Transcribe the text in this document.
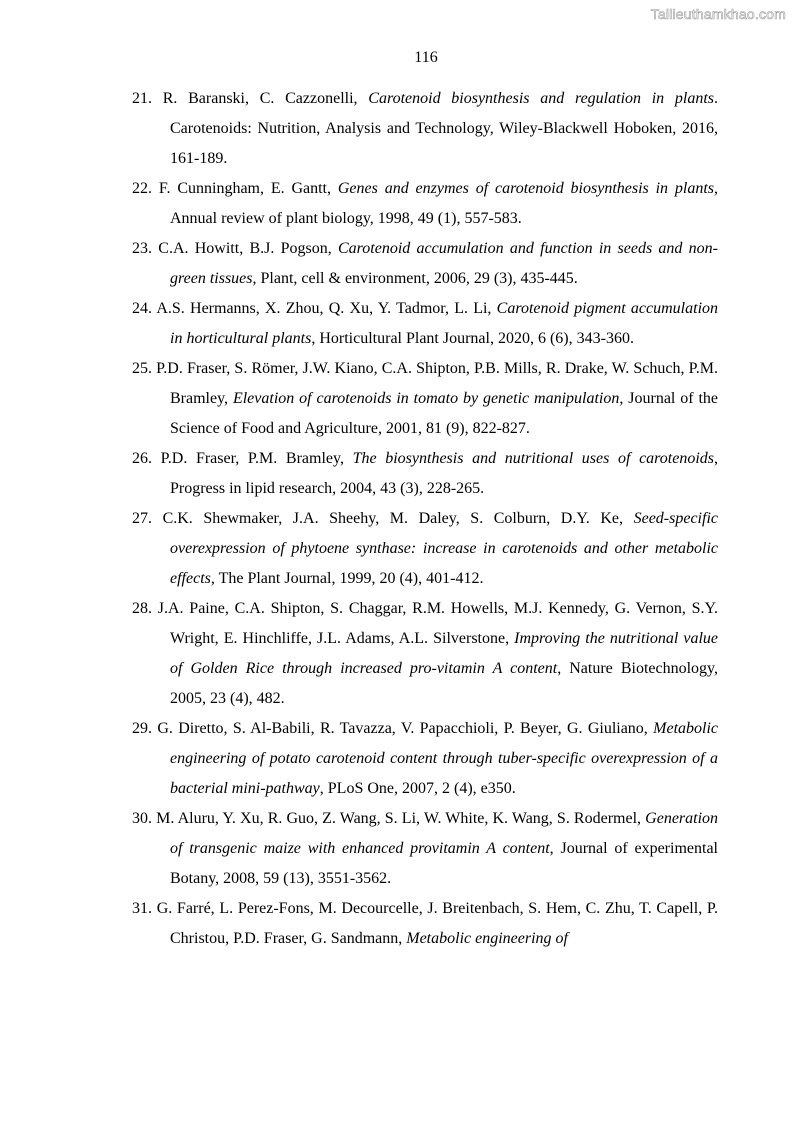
Tailieuthamkhao.com
116
21. R. Baranski, C. Cazzonelli, Carotenoid biosynthesis and regulation in plants. Carotenoids: Nutrition, Analysis and Technology, Wiley-Blackwell Hoboken, 2016, 161-189.
22. F. Cunningham, E. Gantt, Genes and enzymes of carotenoid biosynthesis in plants, Annual review of plant biology, 1998, 49 (1), 557-583.
23. C.A. Howitt, B.J. Pogson, Carotenoid accumulation and function in seeds and non‐green tissues, Plant, cell & environment, 2006, 29 (3), 435-445.
24. A.S. Hermanns, X. Zhou, Q. Xu, Y. Tadmor, L. Li, Carotenoid pigment accumulation in horticultural plants, Horticultural Plant Journal, 2020, 6 (6), 343-360.
25. P.D. Fraser, S. Römer, J.W. Kiano, C.A. Shipton, P.B. Mills, R. Drake, W. Schuch, P.M. Bramley, Elevation of carotenoids in tomato by genetic manipulation, Journal of the Science of Food and Agriculture, 2001, 81 (9), 822-827.
26. P.D. Fraser, P.M. Bramley, The biosynthesis and nutritional uses of carotenoids, Progress in lipid research, 2004, 43 (3), 228-265.
27. C.K. Shewmaker, J.A. Sheehy, M. Daley, S. Colburn, D.Y. Ke, Seed‐specific overexpression of phytoene synthase: increase in carotenoids and other metabolic effects, The Plant Journal, 1999, 20 (4), 401-412.
28. J.A. Paine, C.A. Shipton, S. Chaggar, R.M. Howells, M.J. Kennedy, G. Vernon, S.Y. Wright, E. Hinchliffe, J.L. Adams, A.L. Silverstone, Improving the nutritional value of Golden Rice through increased pro-vitamin A content, Nature Biotechnology, 2005, 23 (4), 482.
29. G. Diretto, S. Al-Babili, R. Tavazza, V. Papacchioli, P. Beyer, G. Giuliano, Metabolic engineering of potato carotenoid content through tuber-specific overexpression of a bacterial mini-pathway, PLoS One, 2007, 2 (4), e350.
30. M. Aluru, Y. Xu, R. Guo, Z. Wang, S. Li, W. White, K. Wang, S. Rodermel, Generation of transgenic maize with enhanced provitamin A content, Journal of experimental Botany, 2008, 59 (13), 3551-3562.
31. G. Farré, L. Perez-Fons, M. Decourcelle, J. Breitenbach, S. Hem, C. Zhu, T. Capell, P. Christou, P.D. Fraser, G. Sandmann, Metabolic engineering of
